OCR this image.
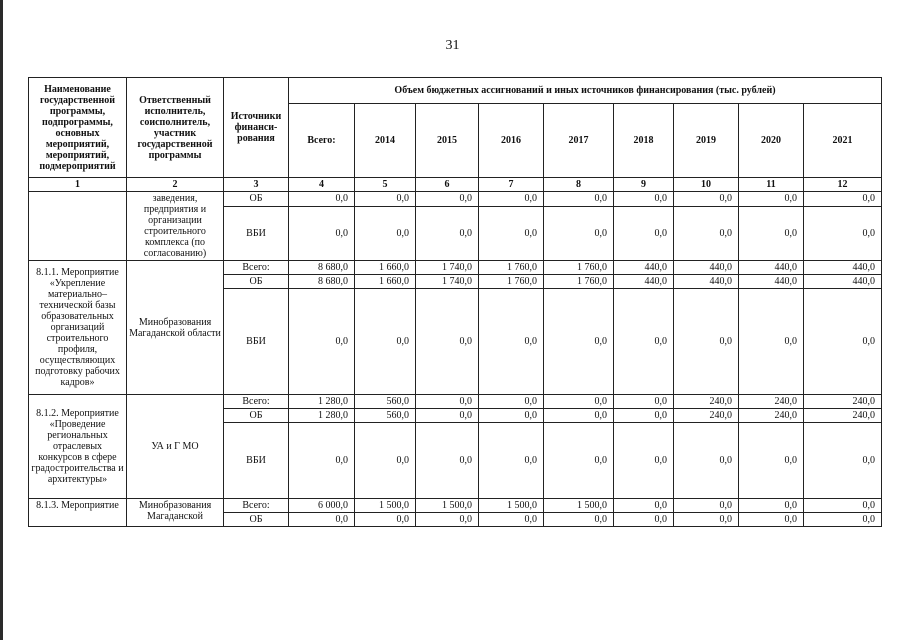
31
Наименование государственной программы, подпрограммы, основных мероприятий, мероприятий, подмероприятий	Ответственный исполнитель, соисполнитель, участник государственной программы	Источники финанси-рования	Объем бюджетных ассигнований и иных источников финансирования (тыс. рублей)								
			Всего:	2014	2015	2016	2017	2018	2019	2020	2021
1	2	3	4	5	6	7	8	9	10	11	12
	заведения, предприятия и организации строительного комплекса (по согласованию)	ОБ	0,0	0,0	0,0	0,0	0,0	0,0	0,0	0,0	0,0
		ВБИ	0,0	0,0	0,0	0,0	0,0	0,0	0,0	0,0	0,0
8.1.1. Мероприятие «Укрепление материально–технической базы образовательных организаций строительного профиля, осуществляющих подготовку рабочих кадров»	Минобразования Магаданской области	Всего:	8 680,0	1 660,0	1 740,0	1 760,0	1 760,0	440,0	440,0	440,0	440,0
		ОБ	8 680,0	1 660,0	1 740,0	1 760,0	1 760,0	440,0	440,0	440,0	440,0
		ВБИ	0,0	0,0	0,0	0,0	0,0	0,0	0,0	0,0	0,0
8.1.2. Мероприятие «Проведение региональных отраслевых конкурсов в сфере градостроительства и архитектуры»	УА и Г МО	Всего:	1 280,0	560,0	0,0	0,0	0,0	0,0	240,0	240,0	240,0
		ОБ	1 280,0	560,0	0,0	0,0	0,0	0,0	240,0	240,0	240,0
		ВБИ	0,0	0,0	0,0	0,0	0,0	0,0	0,0	0,0	0,0
8.1.3. Мероприятие	Минобразования Магаданской	Всего:	6 000,0	1 500,0	1 500,0	1 500,0	1 500,0	0,0	0,0	0,0	0,0
		ОБ	0,0	0,0	0,0	0,0	0,0	0,0	0,0	0,0	0,0
